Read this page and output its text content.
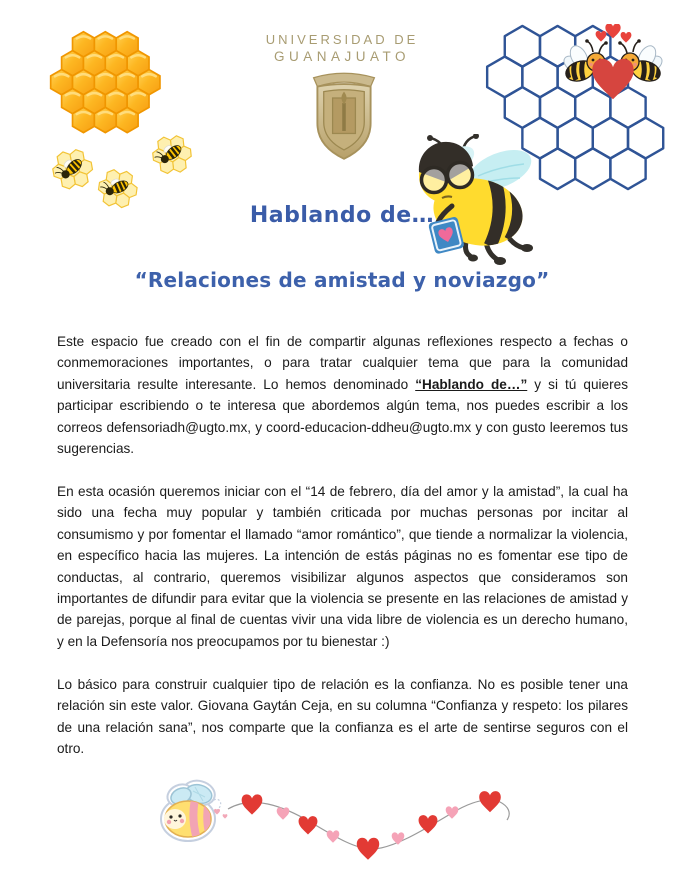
UNIVERSIDAD DE
GUANAJUATO
Hablando de…
“Relaciones de amistad y noviazgo”

Este espacio fue creado con el fin de compartir algunas reflexiones respecto a fechas o conmemoraciones importantes, o para tratar cualquier tema que para la comunidad universitaria resulte interesante. Lo hemos denominado “Hablando de…” y si tú quieres participar escribiendo o te interesa que abordemos algún tema, nos puedes escribir a los correos defensoriadh@ugto.mx, y coord-educacion-ddheu@ugto.mx y con gusto leeremos tus sugerencias.

En esta ocasión queremos iniciar con el “14 de febrero, día del amor y la amistad”, la cual ha sido una fecha muy popular y también criticada por muchas personas por incitar al consumismo y por fomentar el llamado “amor romántico”, que tiende a normalizar la violencia, en específico hacia las mujeres. La intención de estás páginas no es fomentar ese tipo de conductas, al contrario, queremos visibilizar algunos aspectos que consideramos son importantes de difundir para evitar que la violencia se presente en las relaciones de amistad y de parejas, porque al final de cuentas vivir una vida libre de violencia es un derecho humano, y en la Defensoría nos preocupamos por tu bienestar :)

Lo básico para construir cualquier tipo de relación es la confianza. No es posible tener una relación sin este valor. Giovana Gaytán Ceja, en su columna “Confianza y respeto: los pilares de una relación sana”, nos comparte que la confianza es el arte de sentirse seguros con el otro.
